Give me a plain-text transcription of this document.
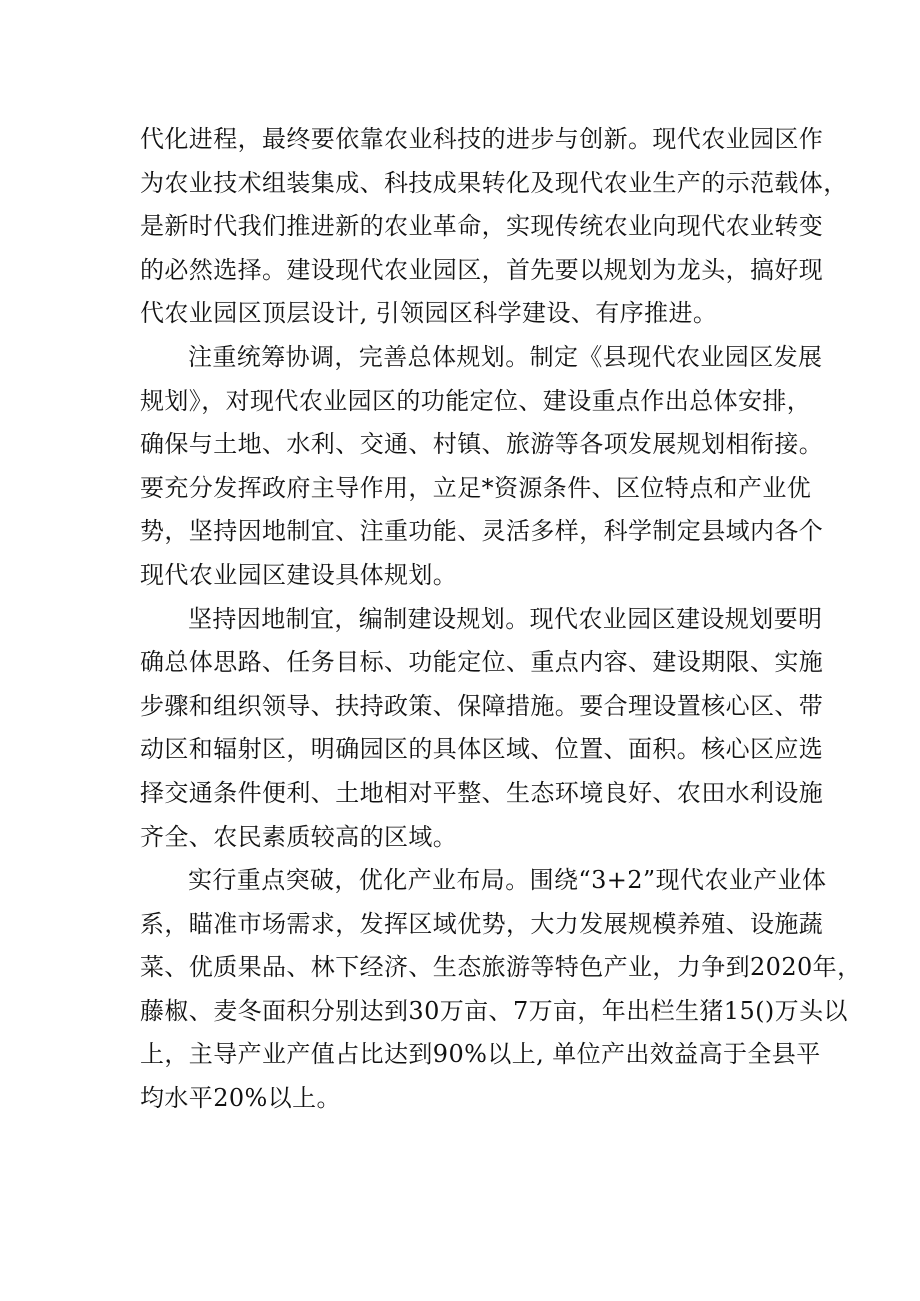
代化进程，最终要依靠农业科技的进步与创新。现代农业园区作
为农业技术组装集成、科技成果转化及现代农业生产的示范载体，
是新时代我们推进新的农业革命，实现传统农业向现代农业转变
的必然选择。建设现代农业园区，首先要以规划为龙头，搞好现
代农业园区顶层设计, 引领园区科学建设、有序推进。
注重统筹协调，完善总体规划。制定《县现代农业园区发展
规划》，对现代农业园区的功能定位、建设重点作出总体安排，
确保与土地、水利、交通、村镇、旅游等各项发展规划相衔接。
要充分发挥政府主导作用，立足*资源条件、区位特点和产业优
势，坚持因地制宜、注重功能、灵活多样，科学制定县域内各个
现代农业园区建设具体规划。
坚持因地制宜，编制建设规划。现代农业园区建设规划要明
确总体思路、任务目标、功能定位、重点内容、建设期限、实施
步骤和组织领导、扶持政策、保障措施。要合理设置核心区、带
动区和辐射区，明确园区的具体区域、位置、面积。核心区应选
择交通条件便利、土地相对平整、生态环境良好、农田水利设施
齐全、农民素质较高的区域。
实行重点突破，优化产业布局。围绕“3+2”现代农业产业体
系，瞄准市场需求，发挥区域优势，大力发展规模养殖、设施蔬
菜、优质果品、林下经济、生态旅游等特色产业，力争到2020年，
藤椒、麦冬面积分别达到30万亩、7万亩，年出栏生猪15()万头以
上，主导产业产值占比达到90%以上, 单位产出效益高于全县平
均水平20%以上。
